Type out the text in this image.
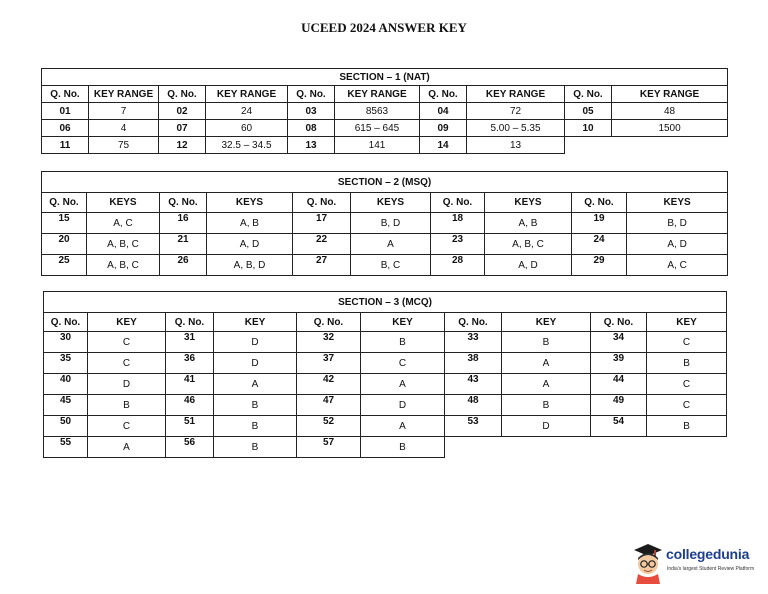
UCEED 2024 ANSWER KEY
SECTION – 1 (NAT)									
Q. No.	KEY RANGE	Q. No.	KEY RANGE	Q. No.	KEY RANGE	Q. No.	KEY RANGE	Q. No.	KEY RANGE
01	7	02	24	03	8563	04	72	05	48
06	4	07	60	08	615 – 645	09	5.00 – 5.35	10	1500
11	75	12	32.5 – 34.5	13	141	14	13		
SECTION – 2 (MSQ)									
Q. No.	KEYS	Q. No.	KEYS	Q. No.	KEYS	Q. No.	KEYS	Q. No.	KEYS
15	A, C	16	A, B	17	B, D	18	A, B	19	B, D
20	A, B, C	21	A, D	22	A	23	A, B, C	24	A, D
25	A, B, C	26	A, B, D	27	B, C	28	A, D	29	A, C
SECTION – 3 (MCQ)									
Q. No.	KEY	Q. No.	KEY	Q. No.	KEY	Q. No.	KEY	Q. No.	KEY
30	C	31	D	32	B	33	B	34	C
35	C	36	D	37	C	38	A	39	B
40	D	41	A	42	A	43	A	44	C
45	B	46	B	47	D	48	B	49	C
50	C	51	B	52	A	53	D	54	B
55	A	56	B	57	B				
collegedunia
India's largest Student Review Platform
